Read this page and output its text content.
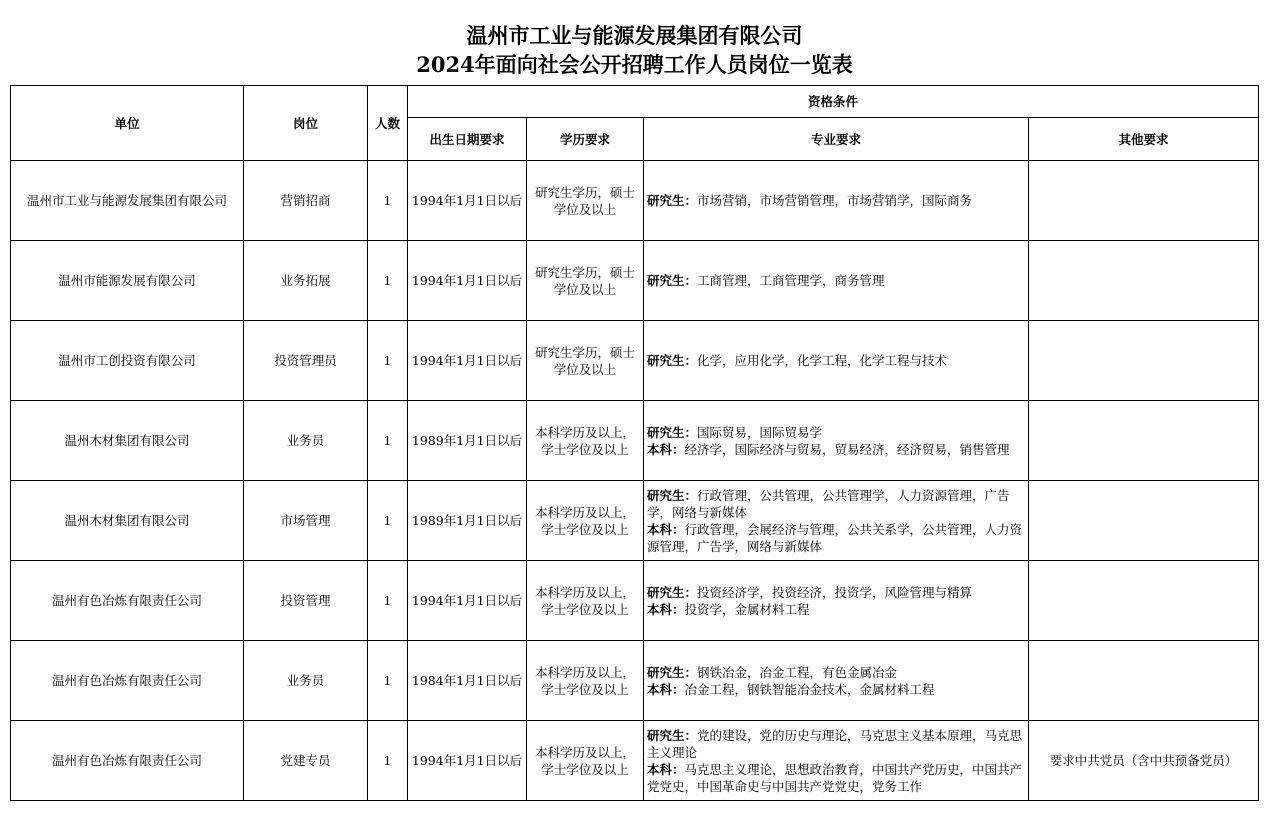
温州市工业与能源发展集团有限公司
2024年面向社会公开招聘工作人员岗位一览表
单位	岗位	人数	资格条件			
			出生日期要求	学历要求	专业要求	其他要求
温州市工业与能源发展集团有限公司	营销招商	1	1994年1月1日以后	研究生学历，硕士学位及以上	研究生：市场营销，市场营销管理，市场营销学，国际商务	
温州市能源发展有限公司	业务拓展	1	1994年1月1日以后	研究生学历，硕士学位及以上	研究生：工商管理，工商管理学，商务管理	
温州市工创投资有限公司	投资管理员	1	1994年1月1日以后	研究生学历，硕士学位及以上	研究生：化学，应用化学，化学工程，化学工程与技术	
温州木材集团有限公司	业务员	1	1989年1月1日以后	本科学历及以上，学士学位及以上	研究生：国际贸易，国际贸易学
本科：经济学，国际经济与贸易，贸易经济，经济贸易，销售管理	
温州木材集团有限公司	市场管理	1	1989年1月1日以后	本科学历及以上，学士学位及以上	研究生：行政管理，公共管理，公共管理学，人力资源管理，广告学，网络与新媒体
本科：行政管理，会展经济与管理，公共关系学，公共管理，人力资源管理，广告学，网络与新媒体	
温州有色冶炼有限责任公司	投资管理	1	1994年1月1日以后	本科学历及以上，学士学位及以上	研究生：投资经济学，投资经济，投资学，风险管理与精算
本科：投资学，金属材料工程	
温州有色冶炼有限责任公司	业务员	1	1984年1月1日以后	本科学历及以上，学士学位及以上	研究生：钢铁冶金，冶金工程，有色金属冶金
本科：冶金工程，钢铁智能冶金技术，金属材料工程	
温州有色冶炼有限责任公司	党建专员	1	1994年1月1日以后	本科学历及以上，学士学位及以上	研究生：党的建设，党的历史与理论，马克思主义基本原理，马克思主义理论
本科：马克思主义理论，思想政治教育，中国共产党历史，中国共产党党史，中国革命史与中国共产党党史，党务工作	要求中共党员（含中共预备党员）
